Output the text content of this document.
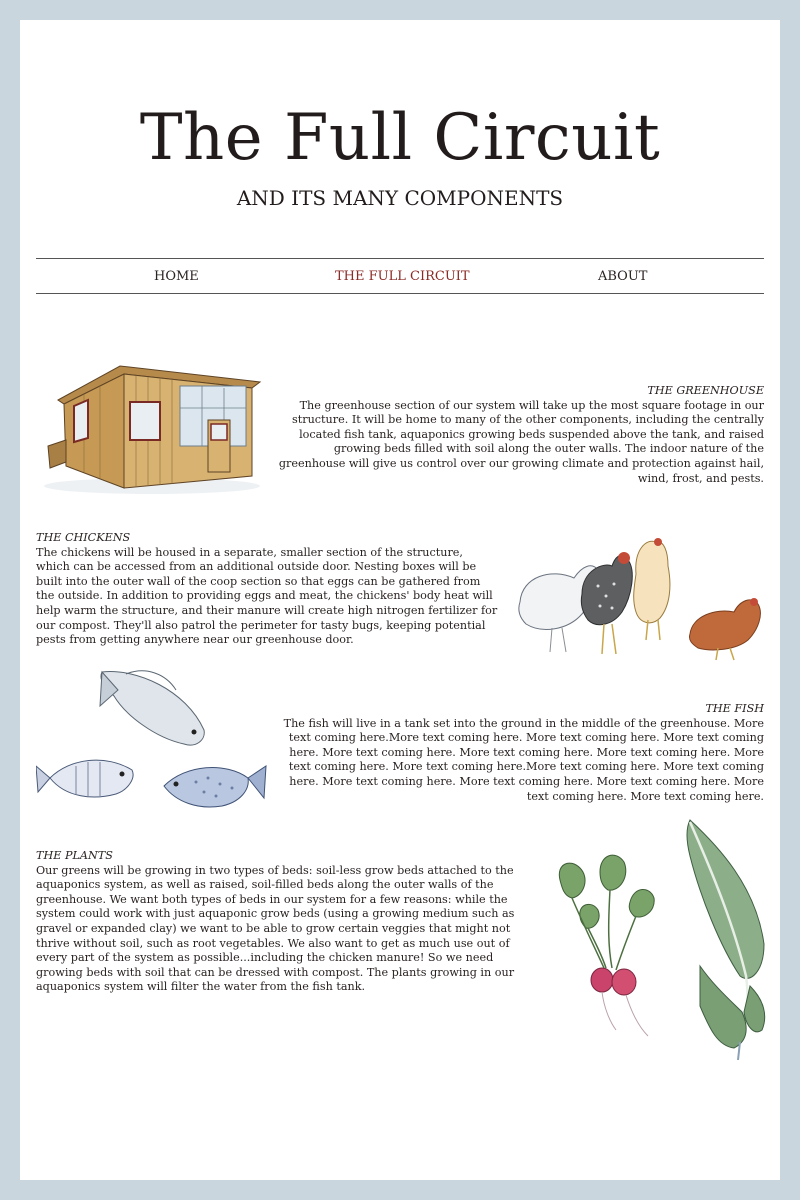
The Full Circuit
AND ITS MANY COMPONENTS
HOME	THE FULL CIRCUIT	ABOUT

THE GREENHOUSE
The greenhouse section of our system will take up the most square footage in our structure. It will be home to many of the other components, including the centrally located fish tank, aquaponics growing beds suspended above the tank, and raised growing beds filled with soil along the outer walls. The indoor nature of the greenhouse will give us control over our growing climate and protection against hail, wind, frost, and pests.

THE CHICKENS
The chickens will be housed in a separate, smaller section of the structure, which can be accessed from an additional outside door. Nesting boxes will be built into the outer wall of the coop section so that eggs can be gathered from the outside. In addition to providing eggs and meat, the chickens' body heat will help warm the structure, and their manure will create high nitrogen fertilizer for our compost. They'll also patrol the perimeter for tasty bugs, keeping potential pests from getting anywhere near our greenhouse door.

THE FISH
The fish will live in a tank set into the ground in the middle of the greenhouse. More text coming here.More text coming here. More text coming here. More text coming here. More text coming here. More text coming here. More text coming here. More text coming here. More text coming here.More text coming here. More text coming here. More text coming here. More text coming here. More text coming here. More text coming here. More text coming here.

THE PLANTS
Our greens will be growing in two types of beds: soil-less grow beds attached to the aquaponics system, as well as raised, soil-filled beds along the outer walls of the greenhouse. We want both types of beds in our system for a few reasons: while the system could work with just aquaponic grow beds (using a growing medium such as gravel or expanded clay) we want to be able to grow certain veggies that might not thrive without soil, such as root vegetables. We also want to get as much use out of every part of the system as possible...including the chicken manure! So we need growing beds with soil that can be dressed with compost. The plants growing in our aquaponics system will filter the water from the fish tank.
